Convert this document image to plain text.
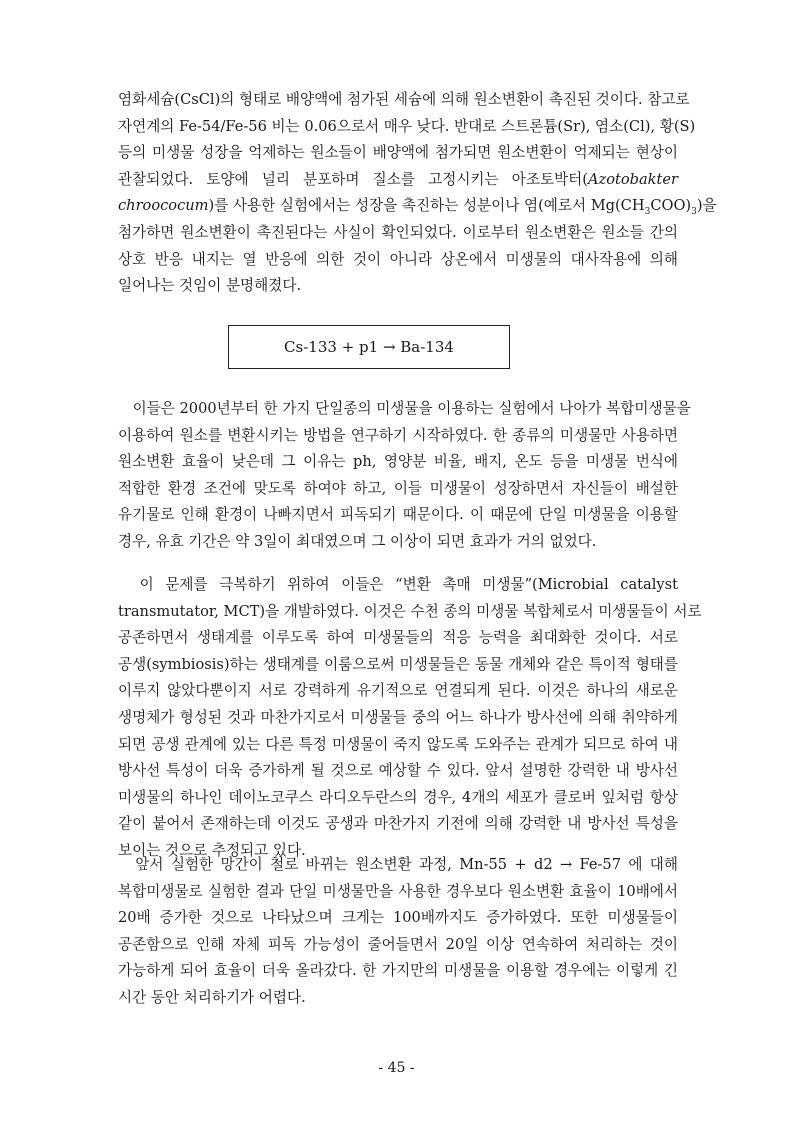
염화세슘(CsCl)의 형태로 배양액에 첨가된 세슘에 의해 원소변환이 촉진된 것이다. 참고로
자연계의 Fe-54/Fe-56 비는 0.06으로서 매우 낮다. 반대로 스트론튬(Sr), 염소(Cl), 황(S)
등의 미생물 성장을 억제하는 원소들이 배양액에 첨가되면 원소변환이 억제되는 현상이
관찰되었다. 토양에 널리 분포하며 질소를 고정시키는 아조토박터(Azotobakter
chroococum)를 사용한 실험에서는 성장을 촉진하는 성분이나 염(예로서 $Mg(CH_3COO)_3$)을
첨가하면 원소변환이 촉진된다는 사실이 확인되었다. 이로부터 원소변환은 원소들 간의
상호 반응 내지는 열 반응에 의한 것이 아니라 상온에서 미생물의 대사작용에 의해
일어나는 것임이 분명해졌다.
Cs-133 + p1 → Ba-134
　이들은 2000년부터 한 가지 단일종의 미생물을 이용하는 실험에서 나아가 복합미생물을
이용하여 원소를 변환시키는 방법을 연구하기 시작하였다. 한 종류의 미생물만 사용하면
원소변환 효율이 낮은데 그 이유는 ph, 영양분 비율, 배지, 온도 등을 미생물 번식에
적합한 환경 조건에 맞도록 하여야 하고, 이들 미생물이 성장하면서 자신들이 배설한
유기물로 인해 환경이 나빠지면서 피독되기 때문이다. 이 때문에 단일 미생물을 이용할
경우, 유효 기간은 약 3일이 최대였으며 그 이상이 되면 효과가 거의 없었다.
　이 문제를 극복하기 위하여 이들은 “변환 촉매 미생물”(Microbial catalyst
transmutator, MCT)을 개발하였다. 이것은 수천 종의 미생물 복합체로서 미생물들이 서로
공존하면서 생태계를 이루도록 하여 미생물들의 적응 능력을 최대화한 것이다. 서로
공생(symbiosis)하는 생태계를 이룸으로써 미생물들은 동물 개체와 같은 특이적 형태를
이루지 않았다뿐이지 서로 강력하게 유기적으로 연결되게 된다. 이것은 하나의 새로운
생명체가 형성된 것과 마찬가지로서 미생물들 중의 어느 하나가 방사선에 의해 취약하게
되면 공생 관계에 있는 다른 특정 미생물이 죽지 않도록 도와주는 관계가 되므로 하여 내
방사선 특성이 더욱 증가하게 될 것으로 예상할 수 있다. 앞서 설명한 강력한 내 방사선
미생물의 하나인 데이노코쿠스 라디오두란스의 경우, 4개의 세포가 클로버 잎처럼 항상
같이 붙어서 존재하는데 이것도 공생과 마찬가지 기전에 의해 강력한 내 방사선 특성을
보이는 것으로 추정되고 있다.
　앞서 실험한 망간이 철로 바뀌는 원소변환 과정, Mn-55 + d2 → Fe-57 에 대해
복합미생물로 실험한 결과 단일 미생물만을 사용한 경우보다 원소변환 효율이 10배에서
20배 증가한 것으로 나타났으며 크게는 100배까지도 증가하였다. 또한 미생물들이
공존함으로 인해 자체 피독 가능성이 줄어들면서 20일 이상 연속하여 처리하는 것이
가능하게 되어 효율이 더욱 올라갔다. 한 가지만의 미생물을 이용할 경우에는 이렇게 긴
시간 동안 처리하기가 어렵다.
- 45 -
